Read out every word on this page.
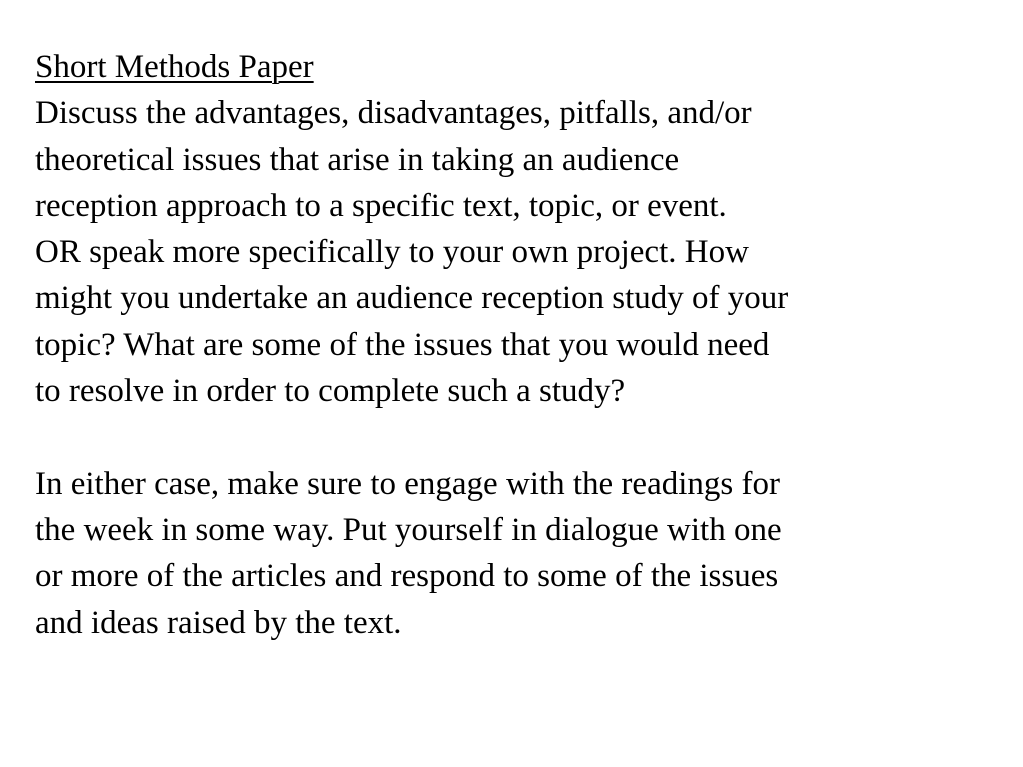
Short Methods Paper
Discuss the advantages, disadvantages, pitfalls, and/or
theoretical issues that arise in taking an audience
reception approach to a specific text, topic, or event.
OR speak more specifically to your own project. How
might you undertake an audience reception study of your
topic? What are some of the issues that you would need
to resolve in order to complete such a study?
In either case, make sure to engage with the readings for
the week in some way. Put yourself in dialogue with one
or more of the articles and respond to some of the issues
and ideas raised by the text.
